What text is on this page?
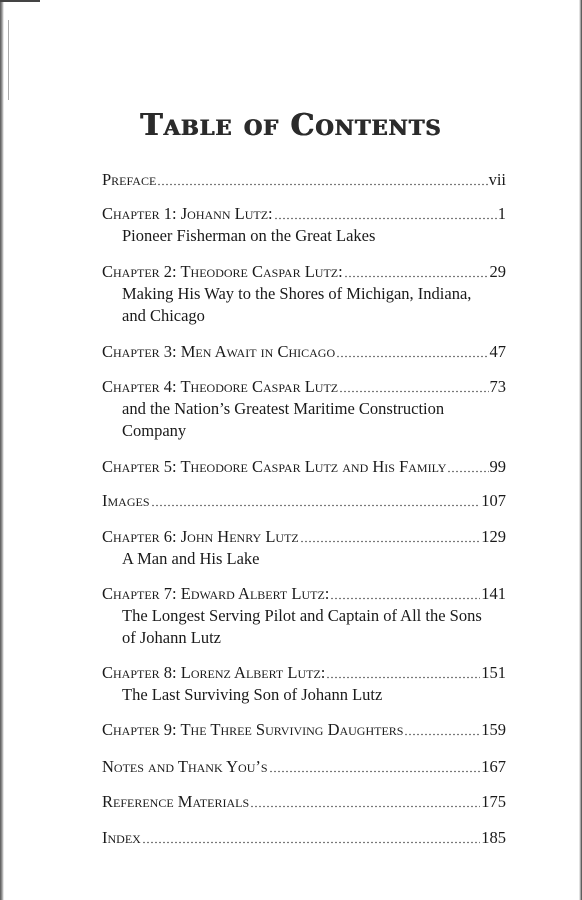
Table of Contents
Preface	vii
Chapter 1: Johann Lutz:	1
Pioneer Fisherman on the Great Lakes
Chapter 2: Theodore Caspar Lutz:	29
Making His Way to the Shores of Michigan, Indiana,
and Chicago
Chapter 3: Men Await in Chicago	47
Chapter 4: Theodore Caspar Lutz	73
and the Nation’s Greatest Maritime Construction
Company
Chapter 5: Theodore Caspar Lutz and His Family	99
Images	107
Chapter 6: John Henry Lutz	129
A Man and His Lake
Chapter 7: Edward Albert Lutz:	141
The Longest Serving Pilot and Captain of All the Sons
of Johann Lutz
Chapter 8: Lorenz Albert Lutz:	151
The Last Surviving Son of Johann Lutz
Chapter 9: The Three Surviving Daughters	159
Notes and Thank You’s	167
Reference Materials	175
Index	185
